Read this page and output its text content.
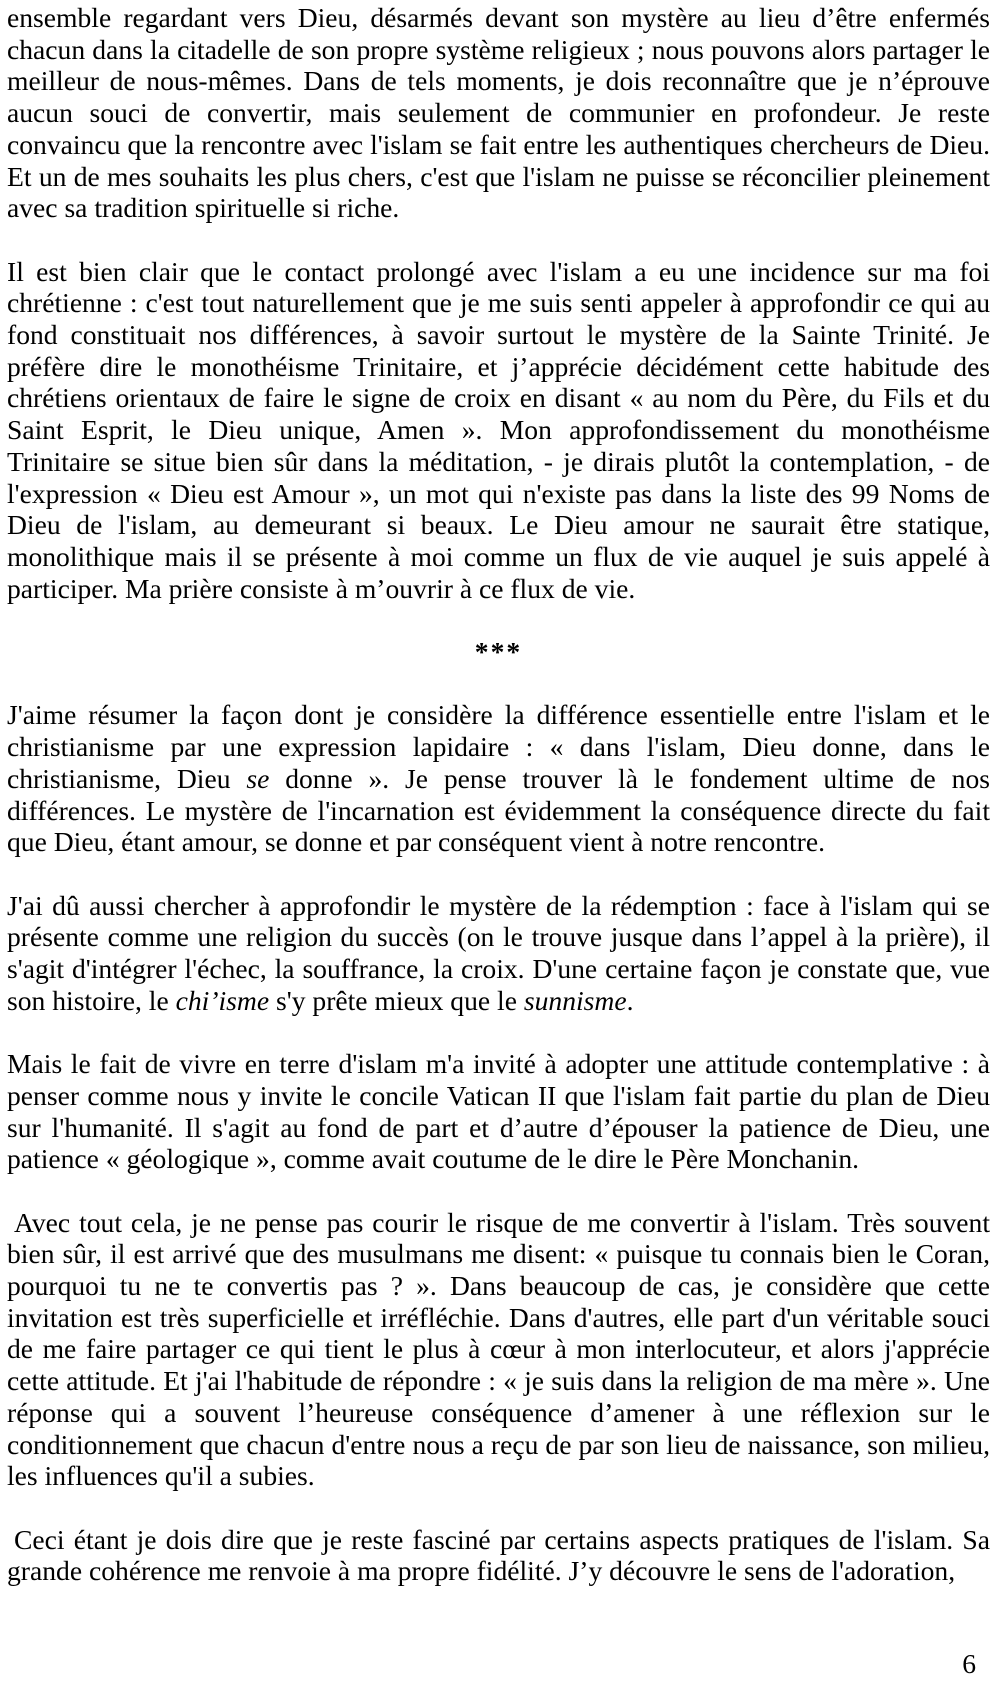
ensemble regardant vers Dieu, désarmés devant son mystère au lieu d’être enfermés chacun dans la citadelle de son propre système religieux ; nous pouvons alors partager le meilleur de nous-mêmes. Dans de tels moments, je dois reconnaître que je n’éprouve aucun souci de convertir, mais seulement de communier en profondeur. Je reste convaincu que la rencontre avec l'islam se fait entre les authentiques chercheurs de Dieu. Et un de mes souhaits les plus chers, c'est que l'islam ne puisse se réconcilier pleinement avec sa tradition spirituelle si riche.

Il est bien clair que le contact prolongé avec l'islam a eu une incidence sur ma foi chrétienne : c'est tout naturellement que je me suis senti appeler à approfondir ce qui au fond constituait nos différences, à savoir surtout le mystère de la Sainte Trinité. Je préfère dire le monothéisme Trinitaire, et j’apprécie décidément cette habitude des chrétiens orientaux de faire le signe de croix en disant « au nom du Père, du Fils et du Saint Esprit, le Dieu unique, Amen ». Mon approfondissement du monothéisme Trinitaire se situe bien sûr dans la méditation, - je dirais plutôt la contemplation, - de l'expression « Dieu est Amour », un mot qui n'existe pas dans la liste des 99 Noms de Dieu de l'islam, au demeurant si beaux. Le Dieu amour ne saurait être statique, monolithique mais il se présente à moi comme un flux de vie auquel je suis appelé à participer. Ma prière consiste à m’ouvrir à ce flux de vie.

***

J'aime résumer la façon dont je considère la différence essentielle entre l'islam et le christianisme par une expression lapidaire : « dans l'islam, Dieu donne, dans le christianisme, Dieu se donne ». Je pense trouver là le fondement ultime de nos différences. Le mystère de l'incarnation est évidemment la conséquence directe du fait que Dieu, étant amour, se donne et par conséquent vient à notre rencontre.

J'ai dû aussi chercher à approfondir le mystère de la rédemption : face à l'islam qui se présente comme une religion du succès (on le trouve jusque dans l’appel à la prière), il s'agit d'intégrer l'échec, la souffrance, la croix. D'une certaine façon je constate que, vue son histoire, le chi’isme s'y prête mieux que le sunnisme.

Mais le fait de vivre en terre d'islam m'a invité à adopter une attitude contemplative : à penser comme nous y invite le concile Vatican II que l'islam fait partie du plan de Dieu sur l'humanité. Il s'agit au fond de part et d’autre d’épouser la patience de Dieu, une patience « géologique », comme avait coutume de le dire le Père Monchanin.

Avec tout cela, je ne pense pas courir le risque de me convertir à l'islam. Très souvent bien sûr, il est arrivé que des musulmans me disent: « puisque tu connais bien le Coran, pourquoi tu ne te convertis pas ? ». Dans beaucoup de cas, je considère que cette invitation est très superficielle et irréfléchie. Dans d'autres, elle part d'un véritable souci de me faire partager ce qui tient le plus à cœur à mon interlocuteur, et alors j'apprécie cette attitude. Et j'ai l'habitude de répondre : « je suis dans la religion de ma mère ». Une réponse qui a souvent l’heureuse conséquence d’amener à une réflexion sur le conditionnement que chacun d'entre nous a reçu de par son lieu de naissance, son milieu, les influences qu'il a subies.

Ceci étant je dois dire que je reste fasciné par certains aspects pratiques de l'islam. Sa grande cohérence me renvoie à ma propre fidélité. J’y découvre le sens de l'adoration,

6
